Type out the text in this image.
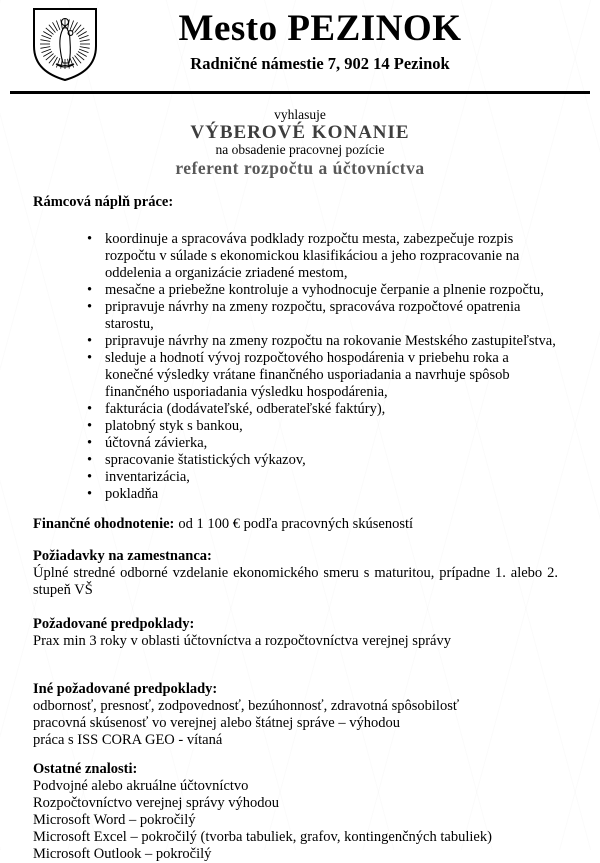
Mesto PEZINOK
Radničné námestie 7, 902 14 Pezinok
vyhlasuje
VÝBEROVÉ KONANIE
na obsadenie pracovnej pozície
referent rozpočtu a účtovníctva
Rámcová náplň práce:
• koordinuje a spracováva podklady rozpočtu mesta, zabezpečuje rozpis rozpočtu v súlade s ekonomickou klasifikáciou a jeho rozpracovanie na oddelenia a organizácie zriadené mestom,
• mesačne a priebežne kontroluje a vyhodnocuje čerpanie a plnenie rozpočtu,
• pripravuje návrhy na zmeny rozpočtu, spracováva rozpočtové opatrenia starostu,
• pripravuje návrhy na zmeny rozpočtu na rokovanie Mestského zastupiteľstva,
• sleduje a hodnotí vývoj rozpočtového hospodárenia v priebehu roka a konečné výsledky vrátane finančného usporiadania a navrhuje spôsob finančného usporiadania výsledku hospodárenia,
• fakturácia (dodávateľské, odberateľské faktúry),
• platobný styk s bankou,
• účtovná závierka,
• spracovanie štatistických výkazov,
• inventarizácia,
• pokladňa
Finančné ohodnotenie: od 1 100 € podľa pracovných skúseností
Požiadavky na zamestnanca:
Úplné stredné odborné vzdelanie ekonomického smeru s maturitou, prípadne 1. alebo 2. stupeň VŠ
Požadované predpoklady:
Prax min 3 roky v oblasti účtovníctva a rozpočtovníctva verejnej správy
Iné požadované predpoklady:
odbornosť, presnosť, zodpovednosť, bezúhonnosť, zdravotná spôsobilosť
pracovná skúsenosť vo verejnej alebo štátnej správe – výhodou
práca s ISS CORA GEO - vítaná
Ostatné znalosti:
Podvojné alebo akruálne účtovníctvo
Rozpočtovníctvo verejnej správy výhodou
Microsoft Word – pokročilý
Microsoft Excel – pokročilý (tvorba tabuliek, grafov, kontingenčných tabuliek)
Microsoft Outlook – pokročilý
